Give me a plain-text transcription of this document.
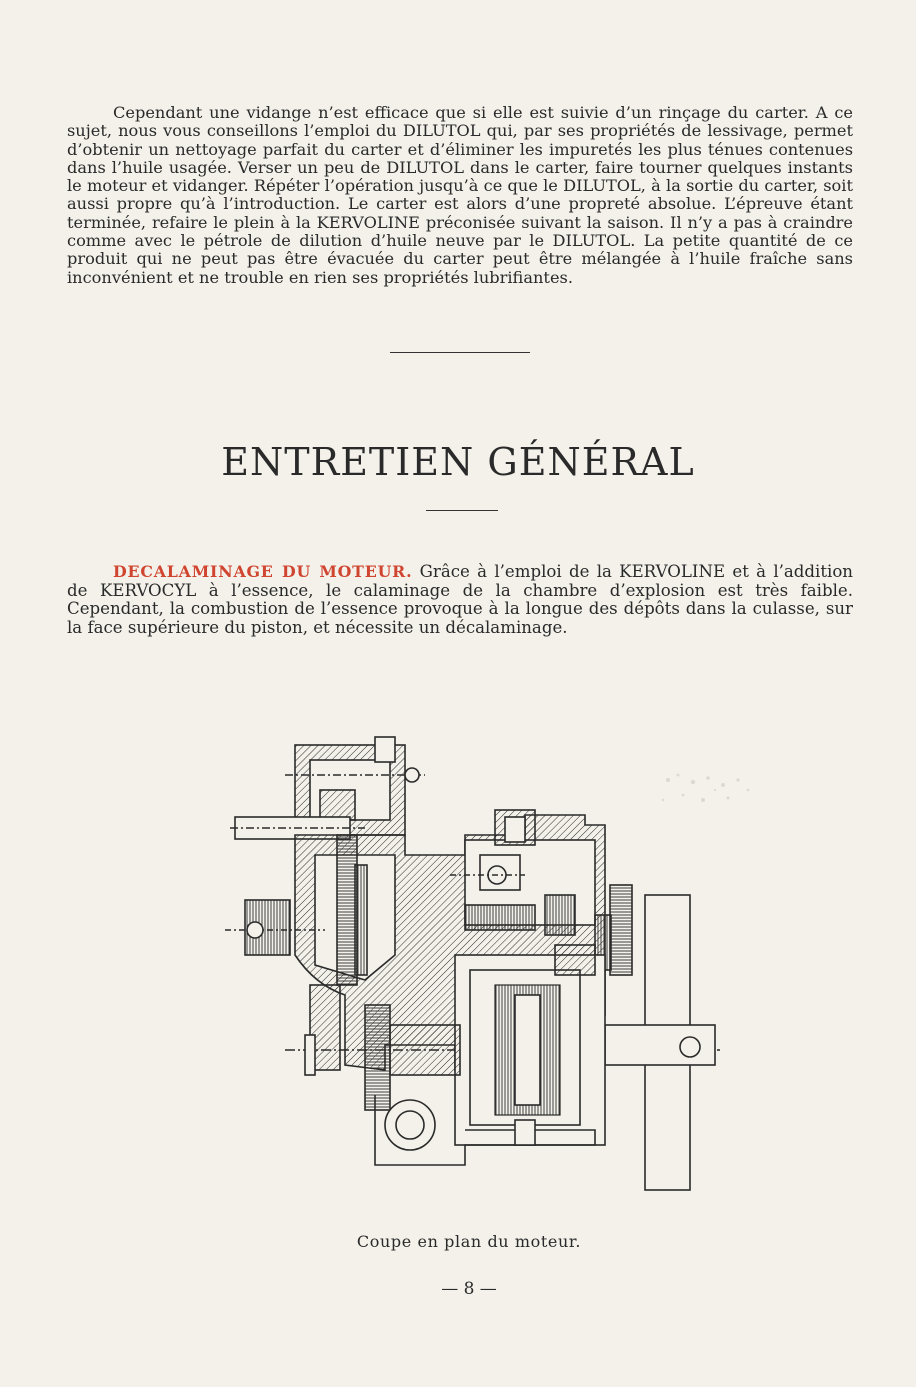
Cependant une vidange n’est efficace que si elle est suivie d’un rinçage du carter. A ce sujet, nous vous conseillons l’emploi du DILUTOL qui, par ses propriétés de lessivage, permet d’obtenir un nettoyage parfait du carter et d’éliminer les impuretés les plus ténues contenues dans l’huile usagée. Verser un peu de DILUTOL dans le carter, faire tourner quelques instants le moteur et vidanger. Répéter l’opération jusqu’à ce que le DILUTOL, à la sortie du carter, soit aussi propre qu’à l’introduction. Le carter est alors d’une propreté absolue. L’épreuve étant terminée, refaire le plein à la KERVOLINE préconisée suivant la saison. Il n’y a pas à craindre comme avec le pétrole de dilution d’huile neuve par le DILUTOL. La petite quantité de ce produit qui ne peut pas être évacuée du carter peut être mélangée à l’huile fraîche sans inconvénient et ne trouble en rien ses propriétés lubrifiantes.

ENTRETIEN GÉNÉRAL

DECALAMINAGE DU MOTEUR. Grâce à l’emploi de la KERVOLINE et à l’addition de KERVOCYL à l’essence, le calaminage de la chambre d’explosion est très faible. Cependant, la combustion de l’essence provoque à la longue des dépôts dans la culasse, sur la face supérieure du piston, et nécessite un décalaminage.

Coupe en plan du moteur.

— 8 —
